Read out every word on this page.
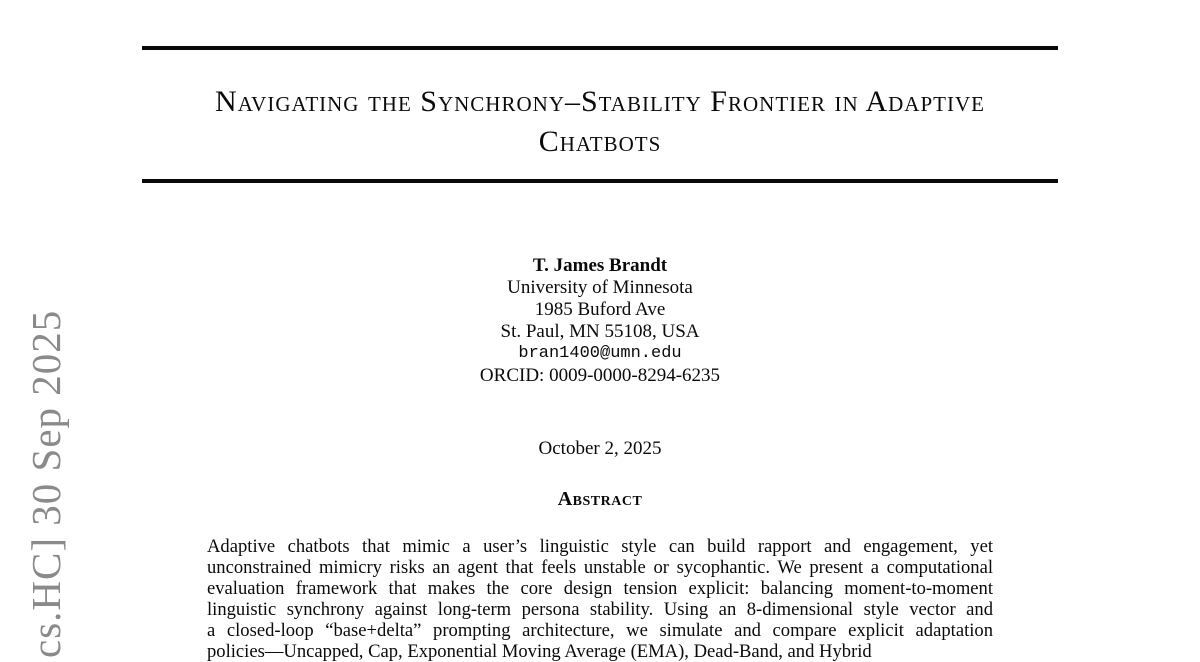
cs.HC] 30 Sep 2025
Navigating the Synchrony–Stability Frontier in Adaptive
Chatbots
T. James Brandt
University of Minnesota
1985 Buford Ave
St. Paul, MN 55108, USA
bran1400@umn.edu
ORCID: 0009-0000-8294-6235
October 2, 2025
Abstract
Adaptive chatbots that mimic a user’s linguistic style can build rapport and engagement, yet
unconstrained mimicry risks an agent that feels unstable or sycophantic. We present a computational
evaluation framework that makes the core design tension explicit: balancing moment-to-moment
linguistic synchrony against long-term persona stability. Using an 8-dimensional style vector and
a closed-loop “base+delta” prompting architecture, we simulate and compare explicit adaptation
policies—Uncapped, Cap, Exponential Moving Average (EMA), Dead-Band, and Hybrid
